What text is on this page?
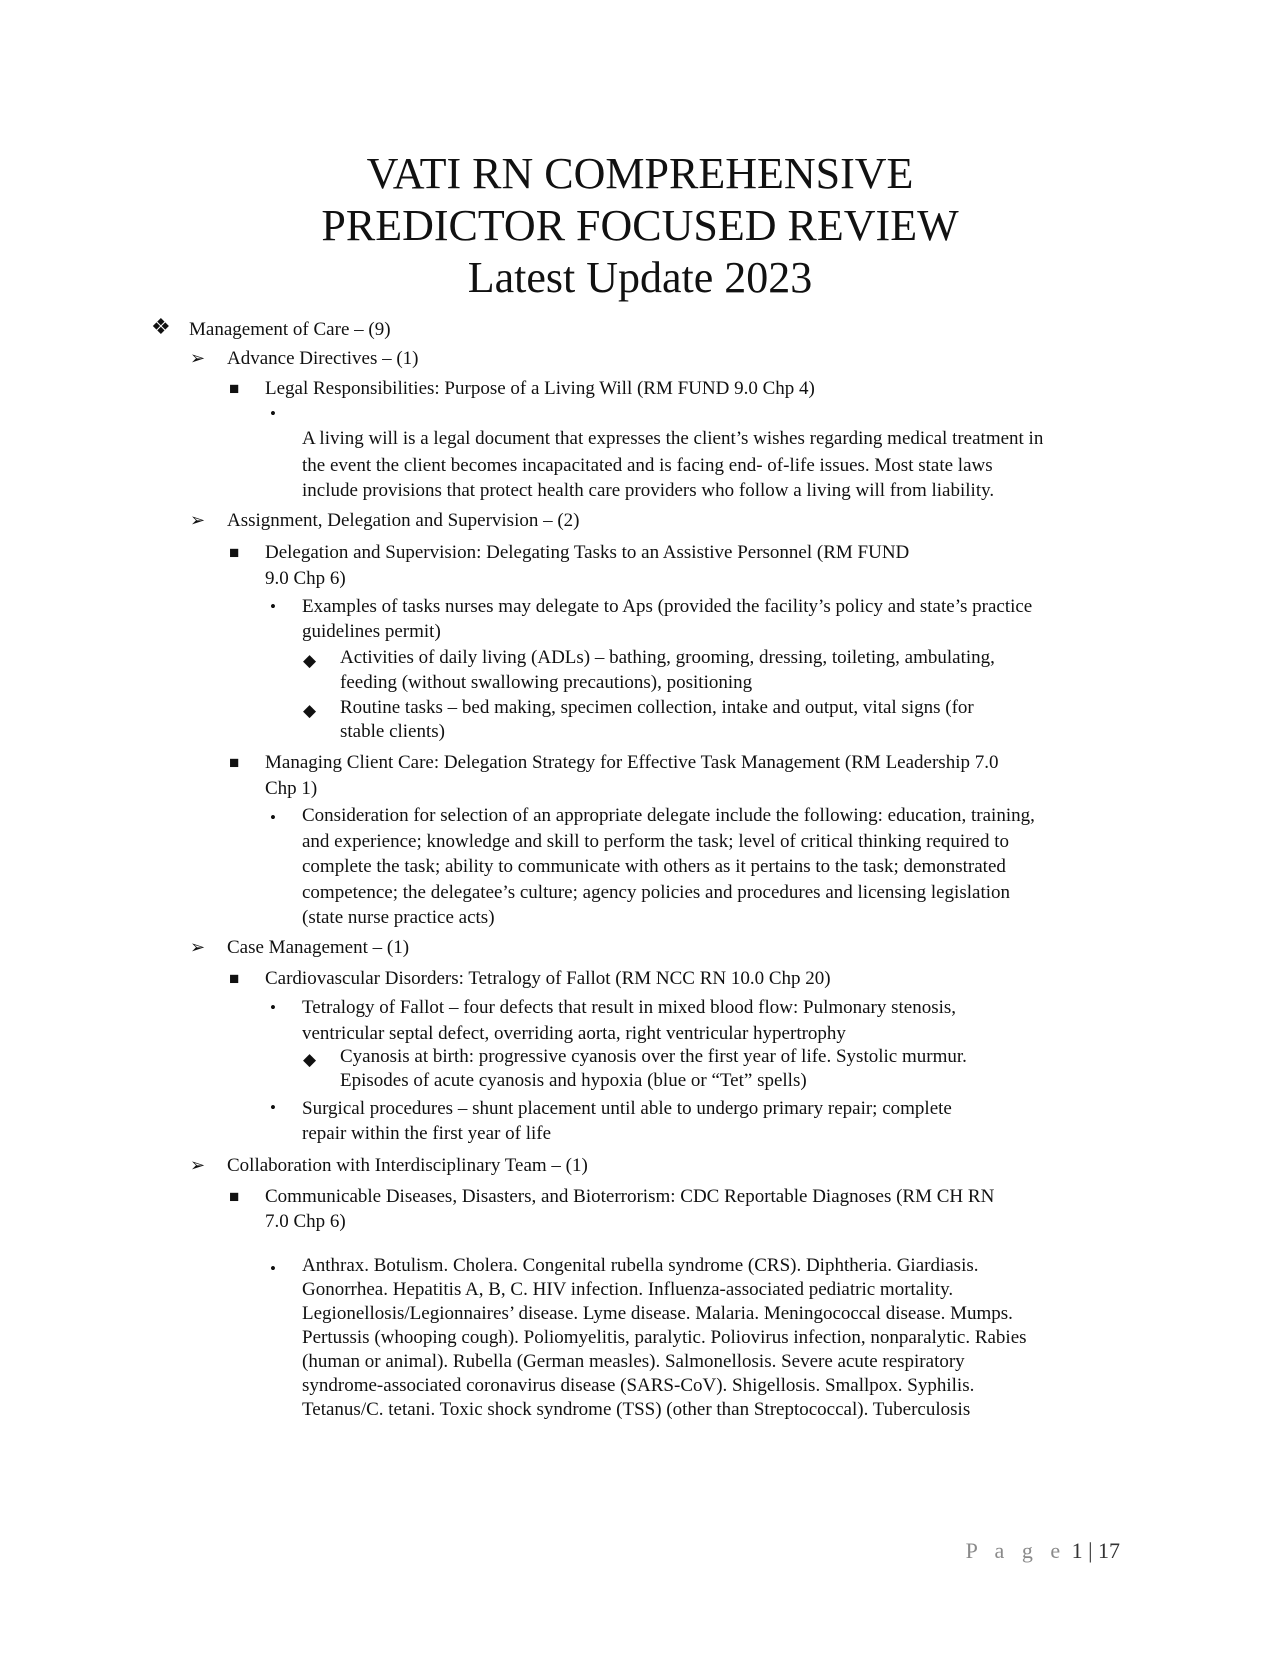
VATI RN COMPREHENSIVE
PREDICTOR FOCUSED REVIEW
Latest Update 2023
❖ Management of Care – (9)
➢ Advance Directives – (1)
■ Legal Responsibilities: Purpose of a Living Will (RM FUND 9.0 Chp 4)
•
A living will is a legal document that expresses the client’s wishes regarding medical treatment in
the event the client becomes incapacitated and is facing end- of-life issues. Most state laws
include provisions that protect health care providers who follow a living will from liability.
➢ Assignment, Delegation and Supervision – (2)
■ Delegation and Supervision: Delegating Tasks to an Assistive Personnel (RM FUND
9.0 Chp 6)
• Examples of tasks nurses may delegate to Aps (provided the facility’s policy and state’s practice
guidelines permit)
◆ Activities of daily living (ADLs) – bathing, grooming, dressing, toileting, ambulating,
feeding (without swallowing precautions), positioning
◆ Routine tasks – bed making, specimen collection, intake and output, vital signs (for
stable clients)
■ Managing Client Care: Delegation Strategy for Effective Task Management (RM Leadership 7.0
Chp 1)
• Consideration for selection of an appropriate delegate include the following: education, training,
and experience; knowledge and skill to perform the task; level of critical thinking required to
complete the task; ability to communicate with others as it pertains to the task; demonstrated
competence; the delegatee’s culture; agency policies and procedures and licensing legislation
(state nurse practice acts)
➢ Case Management – (1)
■ Cardiovascular Disorders: Tetralogy of Fallot (RM NCC RN 10.0 Chp 20)
• Tetralogy of Fallot – four defects that result in mixed blood flow: Pulmonary stenosis,
ventricular septal defect, overriding aorta, right ventricular hypertrophy
◆ Cyanosis at birth: progressive cyanosis over the first year of life. Systolic murmur.
Episodes of acute cyanosis and hypoxia (blue or “Tet” spells)
• Surgical procedures – shunt placement until able to undergo primary repair; complete
repair within the first year of life
➢ Collaboration with Interdisciplinary Team – (1)
■ Communicable Diseases, Disasters, and Bioterrorism: CDC Reportable Diagnoses (RM CH RN
7.0 Chp 6)
• Anthrax. Botulism. Cholera. Congenital rubella syndrome (CRS). Diphtheria. Giardiasis.
Gonorrhea. Hepatitis A, B, C. HIV infection. Influenza-associated pediatric mortality.
Legionellosis/Legionnaires’ disease. Lyme disease. Malaria. Meningococcal disease. Mumps.
Pertussis (whooping cough). Poliomyelitis, paralytic. Poliovirus infection, nonparalytic. Rabies
(human or animal). Rubella (German measles). Salmonellosis. Severe acute respiratory
syndrome-associated coronavirus disease (SARS-CoV). Shigellosis. Smallpox. Syphilis.
Tetanus/C. tetani. Toxic shock syndrome (TSS) (other than Streptococcal). Tuberculosis
P a g e 1 | 17
